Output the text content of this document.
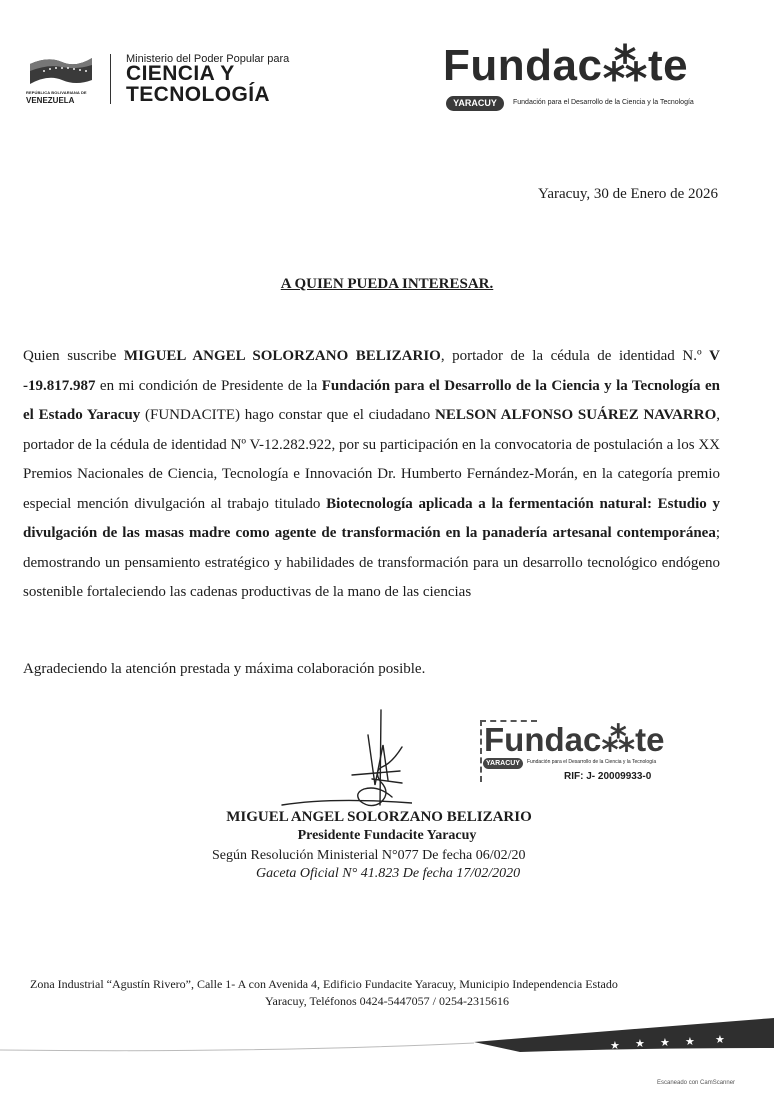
REPÚBLICA BOLIVARIANA DE
VENEZUELA
Ministerio del Poder Popular para
CIENCIA Y
TECNOLOGÍA
Fundac⁂te
YARACUY	Fundación para el Desarrollo de la Ciencia y la Tecnología
Yaracuy, 30 de Enero de 2026
A QUIEN PUEDA INTERESAR.
Quien suscribe MIGUEL ANGEL SOLORZANO BELIZARIO, portador de la cédula de identidad N.º V -19.817.987 en mi condición de Presidente de la Fundación para el Desarrollo de la Ciencia y la Tecnología en el Estado Yaracuy (FUNDACITE) hago constar que el ciudadano NELSON ALFONSO SUÁREZ NAVARRO, portador de la cédula de identidad Nº V-12.282.922, por su participación en la convocatoria de postulación a los XX Premios Nacionales de Ciencia, Tecnología e Innovación Dr. Humberto Fernández-Morán, en la categoría premio especial mención divulgación al trabajo titulado Biotecnología aplicada a la fermentación natural: Estudio y divulgación de las masas madre como agente de transformación en la panadería artesanal contemporánea; demostrando un pensamiento estratégico y habilidades de transformación para un desarrollo tecnológico endógeno sostenible fortaleciendo las cadenas productivas de la mano de las ciencias
Agradeciendo la atención prestada y máxima colaboración posible.
Fundac⁂te
YARACUY	Fundación para el Desarrollo de la Ciencia y la Tecnología
RIF: J- 20009933-0
MIGUEL ANGEL SOLORZANO BELIZARIO
Presidente Fundacite Yaracuy
Según Resolución Ministerial N°077 De fecha 06/02/20
Gaceta Oficial N° 41.823 De fecha 17/02/2020
Zona Industrial “Agustín Rivero”, Calle 1- A con Avenida 4, Edificio Fundacite Yaracuy, Municipio Independencia Estado
Yaracuy, Teléfonos 0424-5447057 / 0254-2315616
★ ★ ★ ★ ★
Escaneado con CamScanner
